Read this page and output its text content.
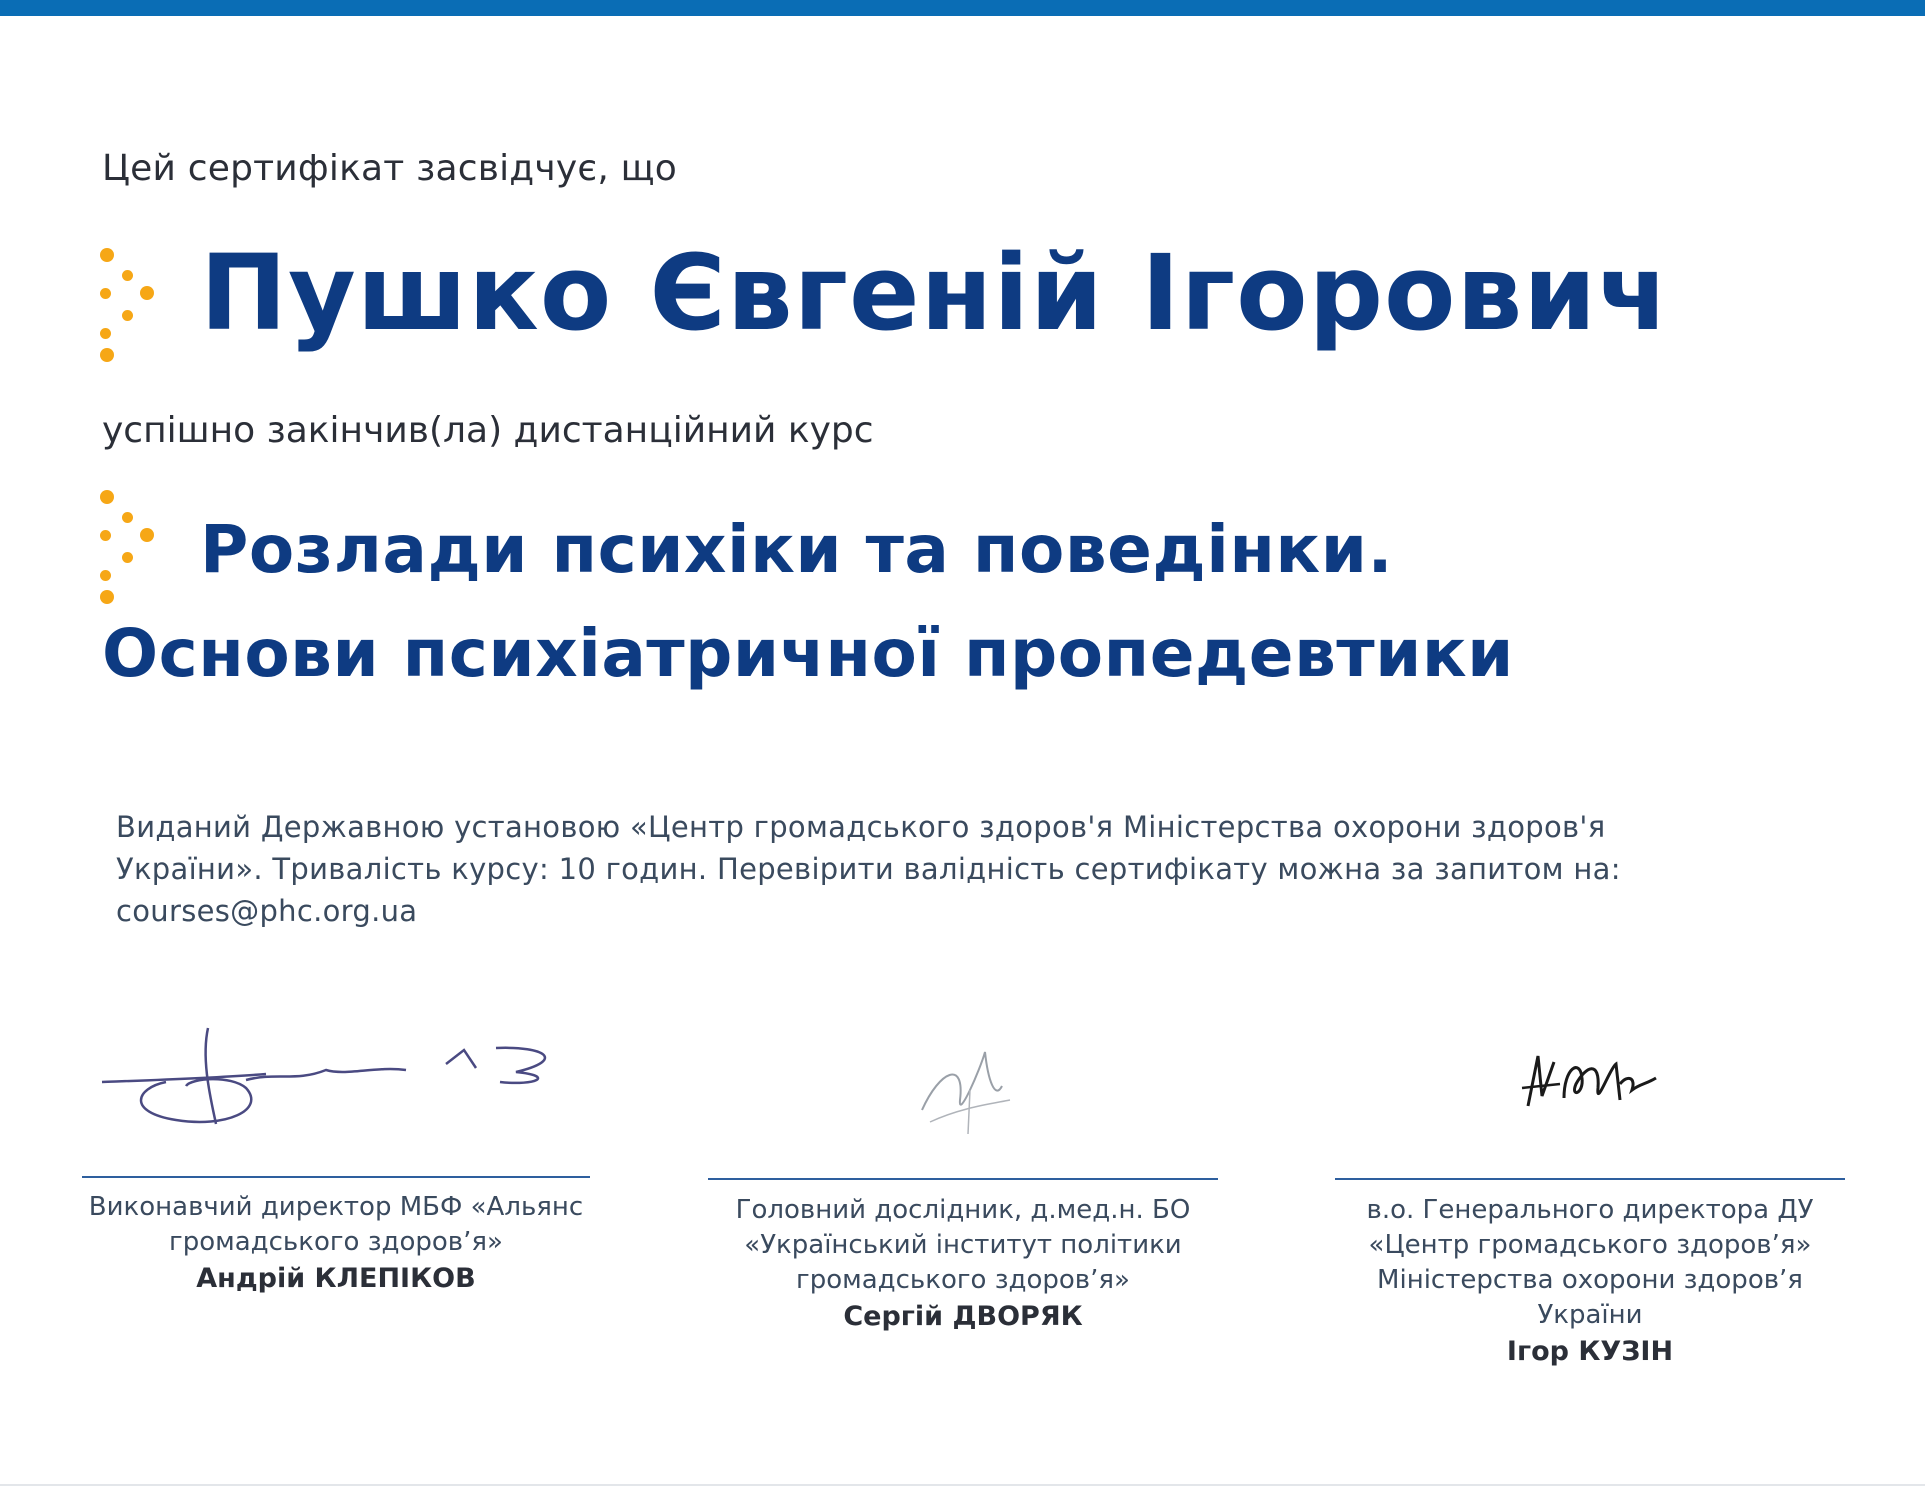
Цей сертифікат засвідчує, що
Пушко Євгеній Ігорович
успішно закінчив(ла) дистанційний курс
Розлади психіки та поведінки. Основи психіатричної пропедевтики
Виданий Державною установою «Центр громадського здоров'я Міністерства охорони здоров'я України». Тривалість курсу: 10 годин. Перевірити валідність сертифікату можна за запитом на: courses@phc.org.ua
Виконавчий директор МБФ «Альянс громадського здоров’я»
Андрій КЛЕПІКОВ
Головний дослідник, д.мед.н. БО «Український інститут політики громадського здоров’я»
Сергій ДВОРЯК
в.о. Генерального директора ДУ «Центр громадського здоров’я» Міністерства охорони здоров’я України
Ігор КУЗІН
